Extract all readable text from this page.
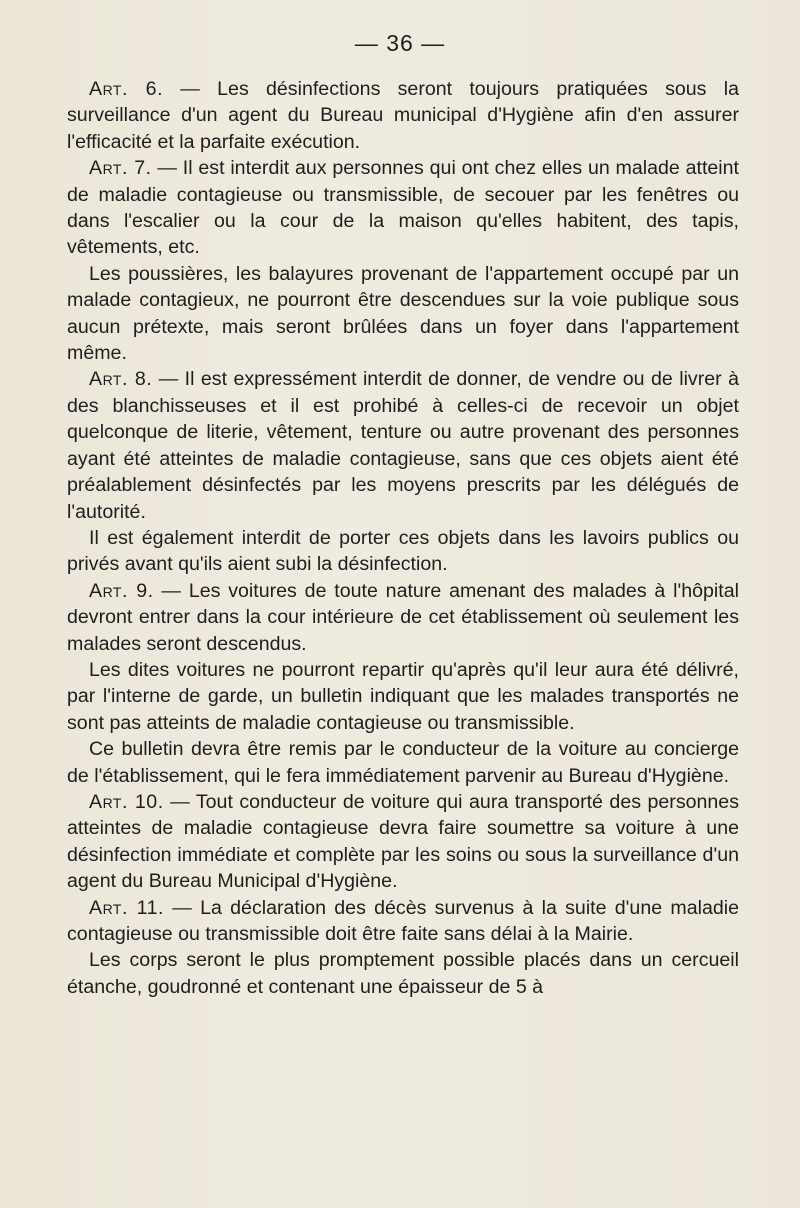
— 36 —

Art. 6. — Les désinfections seront toujours pratiquées sous la surveillance d'un agent du Bureau municipal d'Hygiène afin d'en assurer l'efficacité et la parfaite exécution.

Art. 7. — Il est interdit aux personnes qui ont chez elles un malade atteint de maladie contagieuse ou transmissible, de secouer par les fenêtres ou dans l'escalier ou la cour de la maison qu'elles habitent, des tapis, vêtements, etc.

Les poussières, les balayures provenant de l'appartement occupé par un malade contagieux, ne pourront être descendues sur la voie publique sous aucun prétexte, mais seront brûlées dans un foyer dans l'appartement même.

Art. 8. — Il est expressément interdit de donner, de vendre ou de livrer à des blanchisseuses et il est prohibé à celles-ci de recevoir un objet quelconque de literie, vêtement, tenture ou autre provenant des personnes ayant été atteintes de maladie contagieuse, sans que ces objets aient été préalablement désinfectés par les moyens prescrits par les délégués de l'autorité.

Il est également interdit de porter ces objets dans les lavoirs publics ou privés avant qu'ils aient subi la désinfection.

Art. 9. — Les voitures de toute nature amenant des malades à l'hôpital devront entrer dans la cour intérieure de cet établissement où seulement les malades seront descendus.

Les dites voitures ne pourront repartir qu'après qu'il leur aura été délivré, par l'interne de garde, un bulletin indiquant que les malades transportés ne sont pas atteints de maladie contagieuse ou transmissible.

Ce bulletin devra être remis par le conducteur de la voiture au concierge de l'établissement, qui le fera immédiatement parvenir au Bureau d'Hygiène.

Art. 10. — Tout conducteur de voiture qui aura transporté des personnes atteintes de maladie contagieuse devra faire soumettre sa voiture à une désinfection immédiate et complète par les soins ou sous la surveillance d'un agent du Bureau Municipal d'Hygiène.

Art. 11. — La déclaration des décès survenus à la suite d'une maladie contagieuse ou transmissible doit être faite sans délai à la Mairie.

Les corps seront le plus promptement possible placés dans un cercueil étanche, goudronné et contenant une épaisseur de 5 à
